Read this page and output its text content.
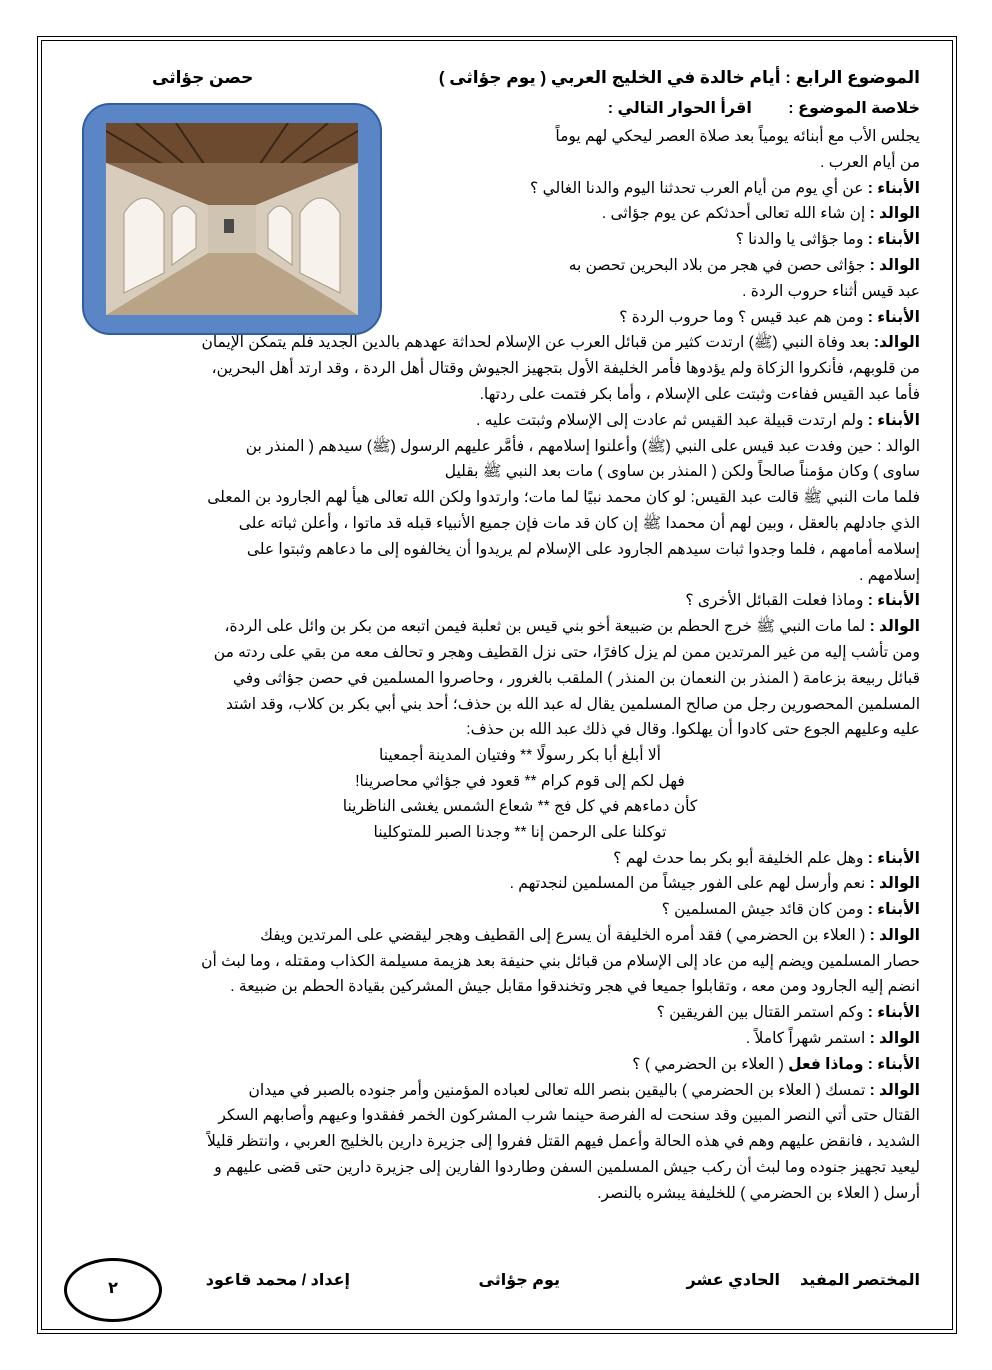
الموضوع الرابع : أيام خالدة في الخليج العربي ( يوم جؤاثى )
حصن جؤاثى
خلاصة الموضوع : اقرأ الحوار التالي :
يجلس الأب مع أبنائه يومياً بعد صلاة العصر ليحكي لهم يوماً
من أيام العرب .
الأبناء : عن أي يوم من أيام العرب تحدثنا اليوم والدنا الغالي ؟
الوالد : إن شاء الله تعالى أحدثكم عن يوم جؤاثى .
الأبناء : وما جؤاثى يا والدنا ؟
الوالد : جؤاثى حصن في هجر من بلاد البحرين تحصن به
عبد قيس أثناء حروب الردة .
الأبناء : ومن هم عبد قيس ؟ وما حروب الردة ؟
الوالد: بعد وفاة النبي (ﷺ) ارتدت كثير من قبائل العرب عن الإسلام لحداثة عهدهم بالدين الجديد فلم يتمكن الإيمان
من قلوبهم، فأنكروا الزكاة ولم يؤدوها فأمر الخليفة الأول بتجهيز الجيوش وقتال أهل الردة ، وقد ارتد أهل البحرين،
فأما عبد القيس ففاءت وثبتت على الإسلام ، وأما بكر فتمت على ردتها.
الأبناء : ولم ارتدت قبيلة عبد القيس ثم عادت إلى الإسلام وثبتت عليه .
الوالد : حين وفدت عبد قيس على النبي (ﷺ) وأعلنوا إسلامهم ، فأمَّر عليهم الرسول (ﷺ) سيدهم ( المنذر بن
ساوى ) وكان مؤمناً صالحاً ولكن ( المنذر بن ساوى ) مات بعد النبي ﷺ بقليل
فلما مات النبي ﷺ قالت عبد القيس: لو كان محمد نبيًا لما مات؛ وارتدوا ولكن الله تعالى هيأ لهم الجارود بن المعلى
الذي جادلهم بالعقل ، وبين لهم أن محمدا ﷺ إن كان قد مات فإن جميع الأنبياء قبله قد ماتوا ، وأعلن ثباته على
إسلامه أمامهم ، فلما وجدوا ثبات سيدهم الجارود على الإسلام لم يريدوا أن يخالفوه إلى ما دعاهم وثبتوا على
إسلامهم .
الأبناء : وماذا فعلت القبائل الأخرى ؟
الوالد : لما مات النبي ﷺ خرج الحطم بن ضبيعة أخو بني قيس بن ثعلبة فيمن اتبعه من بكر بن وائل على الردة،
ومن تأشب إليه من غير المرتدين ممن لم يزل كافرًا، حتى نزل القطيف وهجر و تحالف معه من بقي على ردته من
قبائل ربيعة بزعامة ( المنذر بن النعمان بن المنذر ) الملقب بالغرور ، وحاصروا المسلمين في حصن جؤاثى وفي
المسلمين المحصورين رجل من صالح المسلمين يقال له عبد الله بن حذف؛ أحد بني أبي بكر بن كلاب، وقد اشتد
عليه وعليهم الجوع حتى كادوا أن يهلكوا. وقال في ذلك عبد الله بن حذف:
ألا أبلغ أبا بكر رسولًا ** وفتيان المدينة أجمعينا
فهل لكم إلى قوم كرام ** قعود في جؤاثي محاصرينا!
كأن دماءهم في كل فج ** شعاع الشمس يغشى الناظرينا
توكلنا على الرحمن إنا ** وجدنا الصبر للمتوكلينا
الأبناء : وهل علم الخليفة أبو بكر بما حدث لهم ؟
الوالد : نعم وأرسل لهم على الفور جيشاً من المسلمين لنجدتهم .
الأبناء : ومن كان قائد جيش المسلمين ؟
الوالد : ( العلاء بن الحضرمي ) فقد أمره الخليفة أن يسرع إلى القطيف وهجر ليقضي على المرتدين ويفك
حصار المسلمين ويضم إليه من عاد إلى الإسلام من قبائل بني حنيفة بعد هزيمة مسيلمة الكذاب ومقتله ، وما لبث أن
انضم إليه الجارود ومن معه ، وتقابلوا جميعا في هجر وتخندقوا مقابل جيش المشركين بقيادة الحطم بن ضبيعة .
الأبناء : وكم استمر القتال بين الفريقين ؟
الوالد : استمر شهراً كاملاً .
الأبناء : وماذا فعل ( العلاء بن الحضرمي ) ؟
الوالد : تمسك ( العلاء بن الحضرمي ) باليقين بنصر الله تعالى لعباده المؤمنين وأمر جنوده بالصبر في ميدان
القتال حتى أتي النصر المبين وقد سنحت له الفرصة حينما شرب المشركون الخمر ففقدوا وعيهم وأصابهم السكر
الشديد ، فانقض عليهم وهم في هذه الحالة وأعمل فيهم القتل ففروا إلى جزيرة دارين بالخليج العربي ، وانتظر قليلاً
ليعيد تجهيز جنوده وما لبث أن ركب جيش المسلمين السفن وطاردوا الفارين إلى جزيرة دارين حتى قضى عليهم و
أرسل ( العلاء بن الحضرمي ) للخليفة يبشره بالنصر.
المختصر المفيد
الحادي عشر
يوم جؤاثى
إعداد / محمد قاعود
٢
